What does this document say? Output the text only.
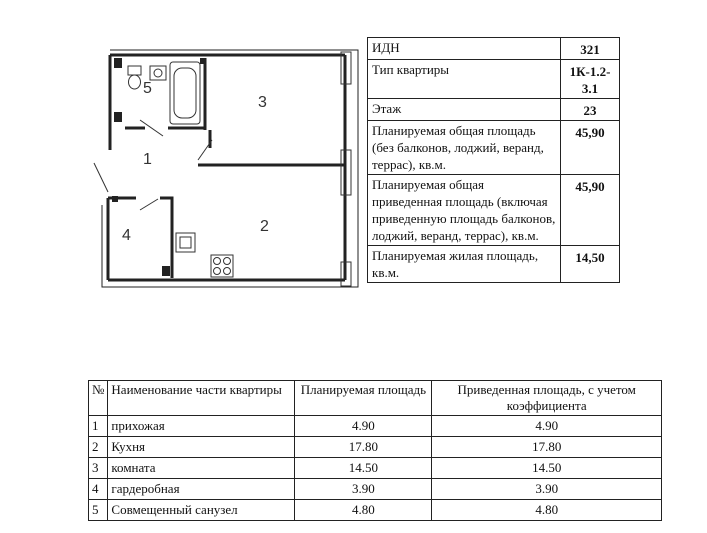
1
2
3
4
5
ИДН	321
Тип квартиры	1К-1.2-3.1
Этаж	23
Планируемая общая площадь (без балконов, лоджий, веранд, террас), кв.м.	45,90
Планируемая общая приведенная площадь (включая приведенную площадь балконов, лоджий, веранд, террас), кв.м.	45,90
Планируемая жилая площадь, кв.м.	14,50
№	Наименование части квартиры	Планируемая площадь	Приведенная площадь, с учетом коэффициента
1	прихожая	4.90	4.90
2	Кухня	17.80	17.80
3	комната	14.50	14.50
4	гардеробная	3.90	3.90
5	Совмещенный санузел	4.80	4.80
